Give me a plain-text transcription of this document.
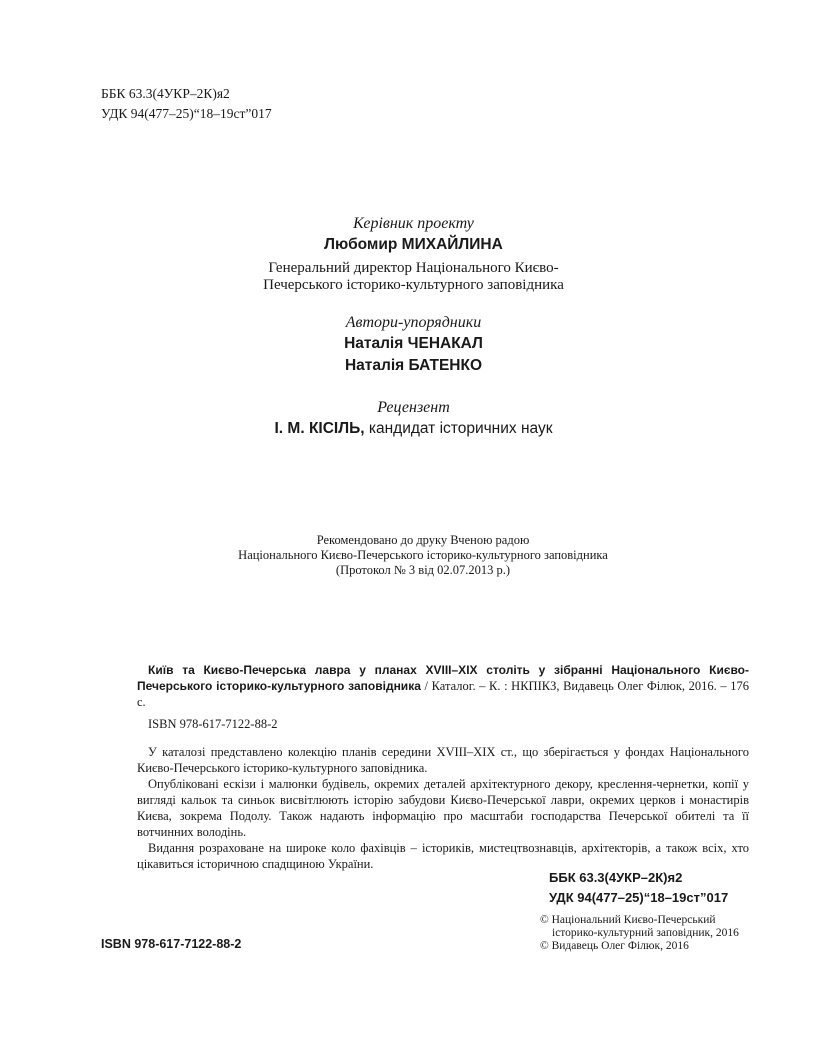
ББК 63.3(4УКР–2К)я2
УДК 94(477–25)“18–19ст”017
Керівник проекту
Любомир МИХАЙЛИНА
Генеральний директор Національного Києво-
Печерського історико-культурного заповідника
Автори-упорядники
Наталія ЧЕНАКАЛ
Наталія БАТЕНКО
Рецензент
І. М. КІСІЛЬ, кандидат історичних наук
Рекомендовано до друку Вченою радою
Національного Києво-Печерського історико-культурного заповідника
(Протокол № 3 від 02.07.2013 р.)

Київ та Києво-Печерська лавра у планах XVIII–XIX століть у зібранні Національного Києво-Печерського історико-культурного заповідника / Каталог. – К. : НКПІКЗ, Видавець Олег Філюк, 2016. – 176 с.

ISBN 978-617-7122-88-2

У каталозі представлено колекцію планів середини XVIII–XIX ст., що зберігається у фондах Національного Києво-Печерського історико-культурного заповідника.

Опубліковані ескізи і малюнки будівель, окремих деталей архітектурного декору, креслення-чернетки, копії у вигляді кальок та синьок висвітлюють історію забудови Києво-Печерської лаври, окремих церков і монастирів Києва, зокрема Подолу. Також надають інформацію про масштаби господарства Печерської обителі та її вотчинних володінь.

Видання розраховане на широке коло фахівців – істориків, мистецтвознавців, архітекторів, а також всіх, хто цікавиться історичною спадщиною України.

ББК 63.3(4УКР–2К)я2
УДК 94(477–25)“18–19ст”017
© Національний Києво-Печерський
історико-культурний заповідник, 2016
© Видавець Олег Філюк, 2016
ISBN 978-617-7122-88-2
